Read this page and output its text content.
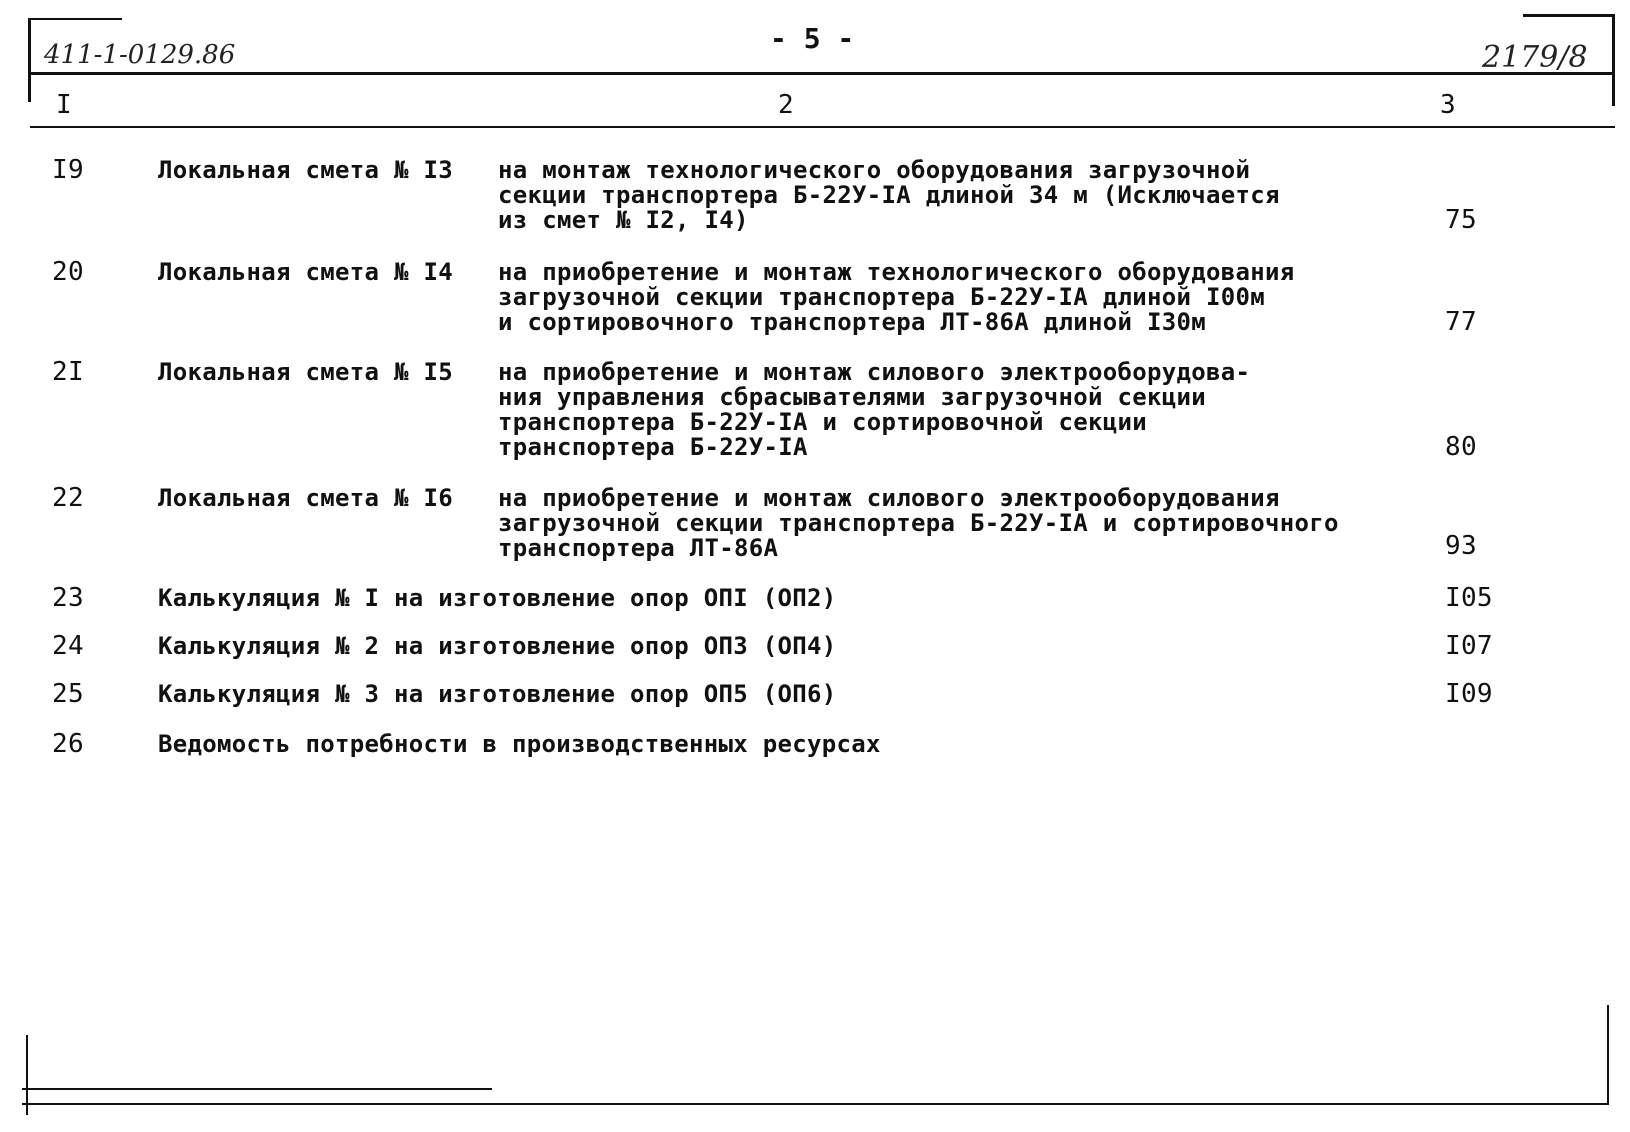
411-1-0129.86	- 5 -
2179/8
I	2	3
I9	Локальная смета № I3 на монтаж технологического оборудования загрузочной
секции транспортера Б-22У-IA длиной 34 м (Исключается
из смет № I2, I4)	75
20	Локальная смета № I4 на приобретение и монтаж технологического оборудования
загрузочной секции транспортера Б-22У-IA длиной I00м
и сортировочного транспортера ЛТ-86А длиной I30м	77
2I	Локальная смета № I5 на приобретение и монтаж силового электрооборудова-
ния управления сбрасывателями загрузочной секции
транспортера Б-22У-IA и сортировочной секции
транспортера Б-22У-IA	80
22	Локальная смета № I6 на приобретение и монтаж силового электрооборудования
загрузочной секции транспортера Б-22У-IA и сортировочного
транспортера ЛТ-86А	93
23	Калькуляция № I на изготовление опор ОПI (ОП2)	I05
24	Калькуляция № 2 на изготовление опор ОП3 (ОП4)	I07
25	Калькуляция № 3 на изготовление опор ОП5 (ОП6)	I09
26	Ведомость потребности в производственных ресурсах
